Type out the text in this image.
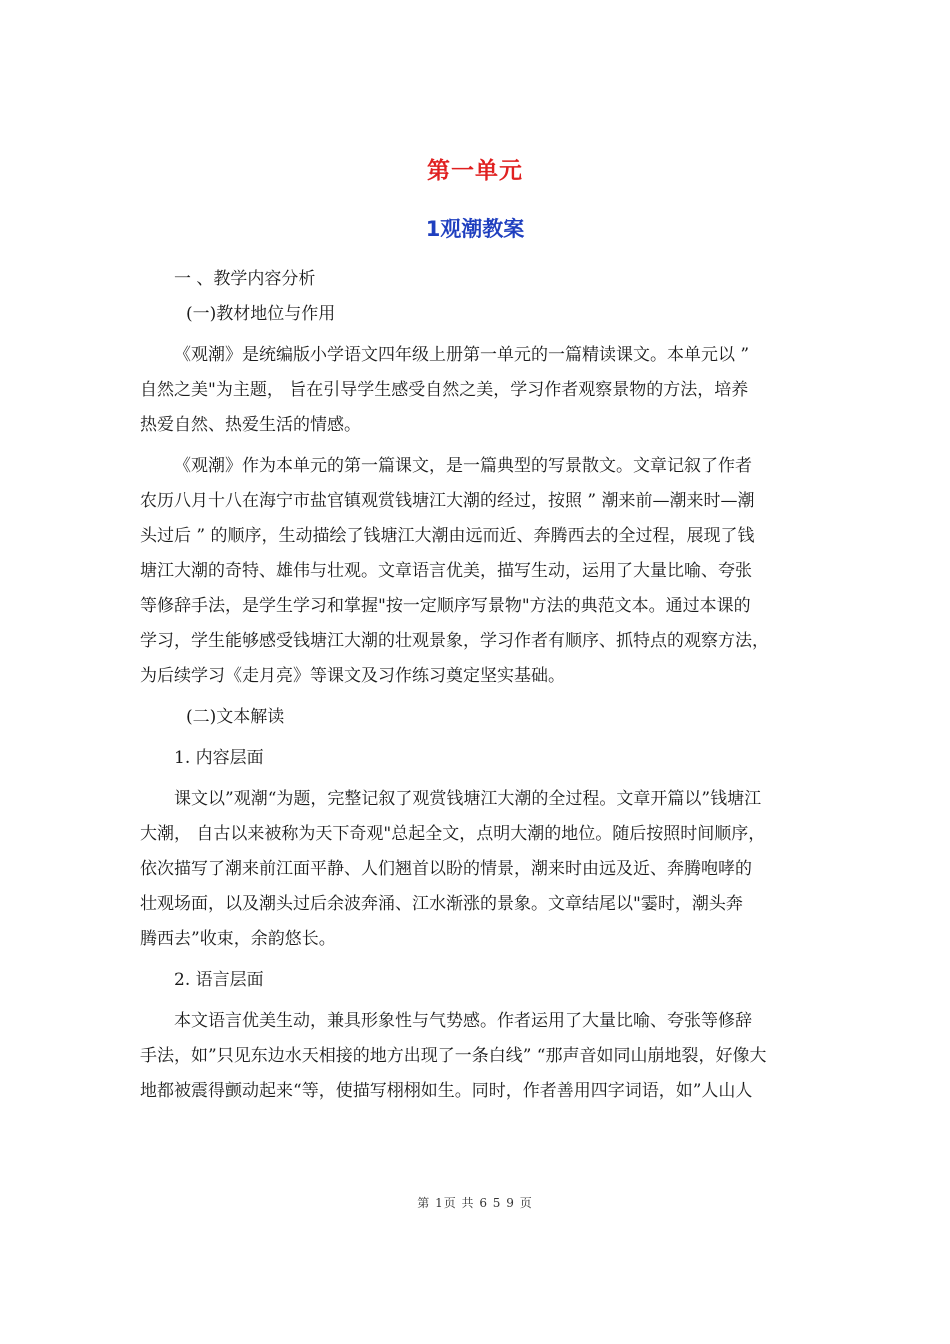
第一单元
1观潮教案
一 、教学内容分析
(一)教材地位与作用
《观潮》是统编版小学语文四年级上册第一单元的一篇精读课文。本单元以 ”
自然之美"为主题， 旨在引导学生感受自然之美，学习作者观察景物的方法，培养
热爱自然、热爱生活的情感。
《观潮》作为本单元的第一篇课文，是一篇典型的写景散文。文章记叙了作者
农历八月十八在海宁市盐官镇观赏钱塘江大潮的经过，按照 ” 潮来前—潮来时—潮
头过后 ” 的顺序，生动描绘了钱塘江大潮由远而近、奔腾西去的全过程，展现了钱
塘江大潮的奇特、雄伟与壮观。文章语言优美，描写生动，运用了大量比喻、夸张
等修辞手法，是学生学习和掌握"按一定顺序写景物"方法的典范文本。通过本课的
学习，学生能够感受钱塘江大潮的壮观景象，学习作者有顺序、抓特点的观察方法，
为后续学习《走月亮》等课文及习作练习奠定坚实基础。
(二)文本解读
1. 内容层面
课文以”观潮“为题，完整记叙了观赏钱塘江大潮的全过程。文章开篇以”钱塘江
大潮， 自古以来被称为天下奇观"总起全文，点明大潮的地位。随后按照时间顺序，
依次描写了潮来前江面平静、人们翘首以盼的情景，潮来时由远及近、奔腾咆哮的
壮观场面，以及潮头过后余波奔涌、江水渐涨的景象。文章结尾以"霎时，潮头奔
腾西去”收束，余韵悠长。
2. 语言层面
本文语言优美生动，兼具形象性与气势感。作者运用了大量比喻、夸张等修辞
手法，如”只见东边水天相接的地方出现了一条白线” “那声音如同山崩地裂，好像大
地都被震得颤动起来“等，使描写栩栩如生。同时，作者善用四字词语，如”人山人
第 1页 共 6 5 9 页
